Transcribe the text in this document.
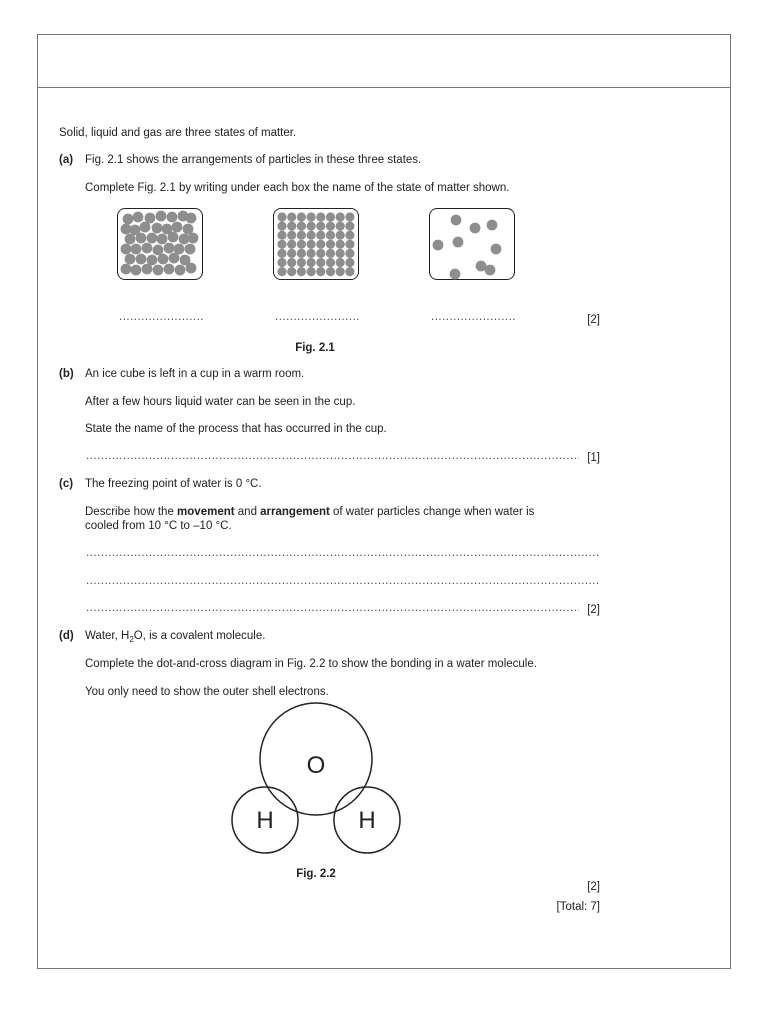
Solid, liquid and gas are three states of matter.
(a) Fig. 2.1 shows the arrangements of particles in these three states.
Complete Fig. 2.1 by writing under each box the name of the state of matter shown.
.....
.....
.....
[2]
Fig. 2.1
(b) An ice cube is left in a cup in a warm room.
After a few hours liquid water can be seen in the cup.
State the name of the process that has occurred in the cup.
.....
[1]
(c) The freezing point of water is 0 °C.
Describe how the movement and arrangement of water particles change when water is
cooled from 10 °C to –10 °C.
.....
.....
.....
[2]
(d) Water, $H_2O$, is a covalent molecule.
Complete the dot-and-cross diagram in Fig. 2.2 to show the bonding in a water molecule.
You only need to show the outer shell electrons.
O
H	H
Fig. 2.2
[2]
[Total: 7]
